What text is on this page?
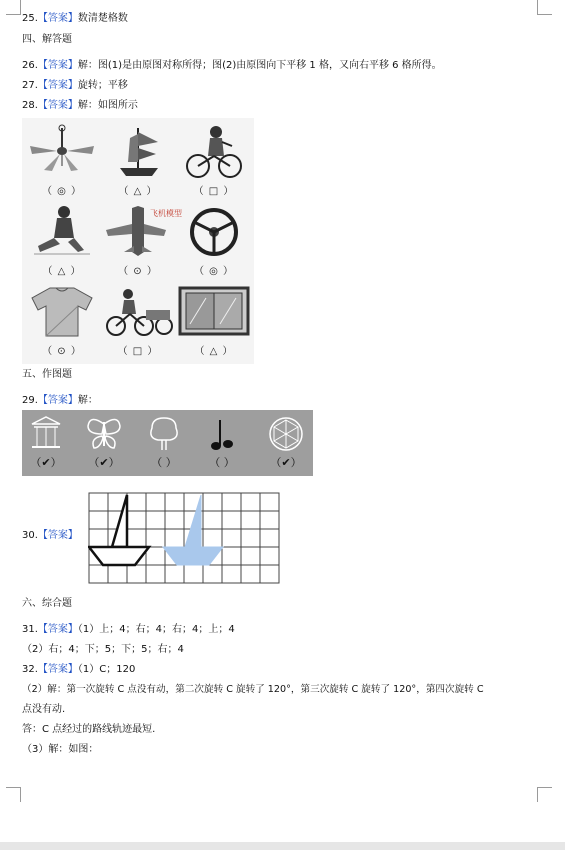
25.【答案】数清楚格数
四、解答题
26.【答案】解：图(1)是由原图对称所得；图(2)由原图向下平移 1 格，又向右平移 6 格所得。
27.【答案】旋转；平移
28.【答案】解：如图所示
（ ◎ ）	（ △ ）	（ □ ）
（ △ ）
飞机模型
（ ⊙ ）	（ ◎ ）
（ ⊙ ）	（ □ ）	（ △ ）
五、作图题
29.【答案】解：
（✔）	（✔）	（ ）	（ ）	（✔）
30.【答案】
六、综合题
31.【答案】（1）上；4；右；4；右；4；上；4
（2）右；4；下；5；下；5；右；4
32.【答案】（1）C；120
（2）解：第一次旋转 C 点没有动，第二次旋转 C 旋转了 120°，第三次旋转 C 旋转了 120°，第四次旋转 C
点没有动.
答：C 点经过的路线轨迹最短.
（3）解：如图：
